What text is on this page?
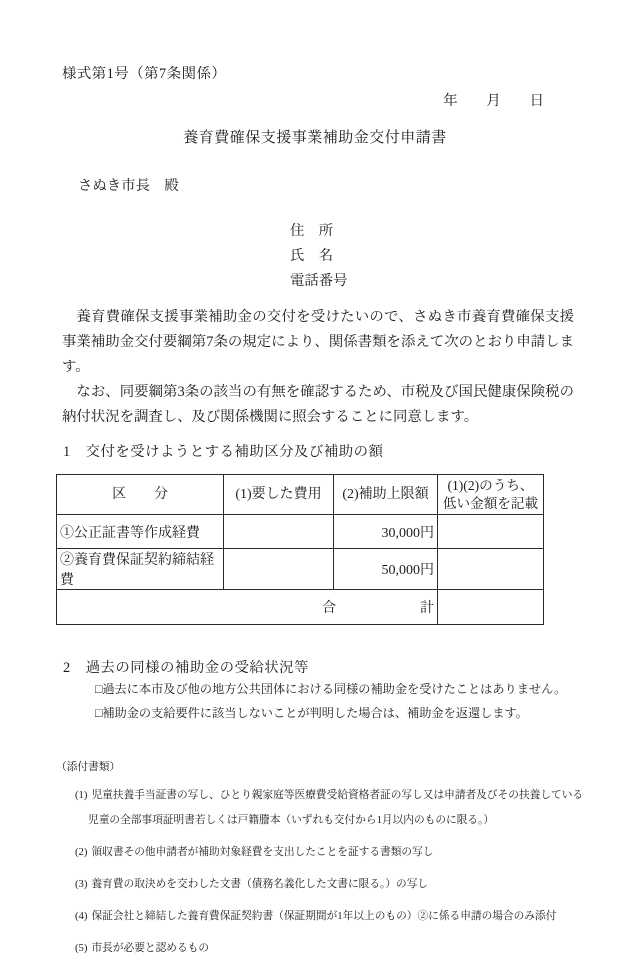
様式第1号（第7条関係）
年　　月　　日
養育費確保支援事業補助金交付申請書
さぬき市長　殿
住　所
氏　名
電話番号

養育費確保支援事業補助金の交付を受けたいので、さぬき市養育費確保支援事業補助金交付要綱第7条の規定により、関係書類を添えて次のとおり申請します。

なお、同要綱第3条の該当の有無を確認するため、市税及び国民健康保険税の納付状況を調査し、及び関係機関に照会することに同意します。

1　交付を受けようとする補助区分及び補助の額
区　　分	(1)要した費用	(2)補助上限額	(1)(2)のうち、低い金額を記載
①公正証書等作成経費		30,000円	
②養育費保証契約締結経費		50,000円	
合　　　　　　計			
2　過去の同様の補助金の受給状況等
□過去に本市及び他の地方公共団体における同様の補助金を受けたことはありません。
□補助金の支給要件に該当しないことが判明した場合は、補助金を返還します。
（添付書類）
(1) 児童扶養手当証書の写し、ひとり親家庭等医療費受給資格者証の写し又は申請者及びその扶養している児童の全部事項証明書若しくは戸籍謄本（いずれも交付から1月以内のものに限る。）
(2) 領収書その他申請者が補助対象経費を支出したことを証する書類の写し
(3) 養育費の取決めを交わした文書（債務名義化した文書に限る。）の写し
(4) 保証会社と締結した養育費保証契約書（保証期間が1年以上のもの）②に係る申請の場合のみ添付
(5) 市長が必要と認めるもの
